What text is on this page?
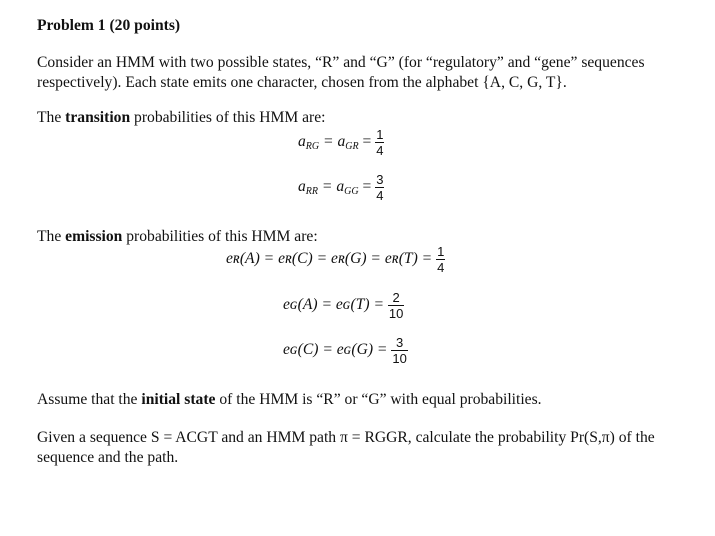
Problem 1 (20 points)
Consider an HMM with two possible states, “R” and “G” (for “regulatory” and “gene” sequences respectively). Each state emits one character, chosen from the alphabet {A, C, G, T}.
The transition probabilities of this HMM are:
aRG = aGR = $\frac{1}{4}$
aRR = aGG = $\frac{3}{4}$
The emission probabilities of this HMM are:
eʀ(A) = eʀ(C) = eʀ(G) = eʀ(T) = $\frac{1}{4}$
eɢ(A) = eɢ(T) = $\frac{2}{10}$
eɢ(C) = eɢ(G) = $\frac{3}{10}$
Assume that the initial state of the HMM is “R” or “G” with equal probabilities.
Given a sequence S = ACGT and an HMM path π = RGGR, calculate the probability Pr(S,π) of the sequence and the path.
